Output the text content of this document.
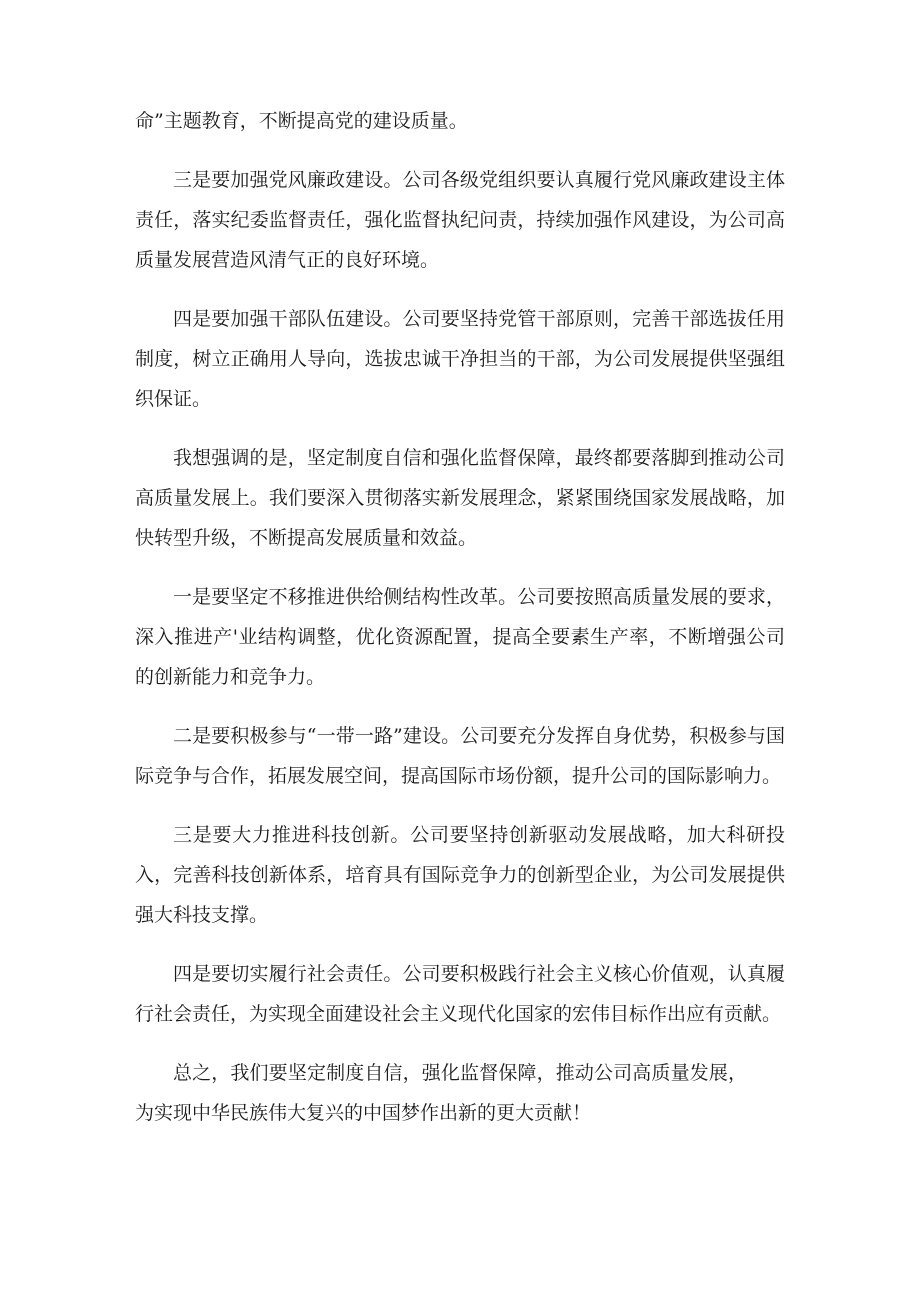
命”主题教育，不断提高党的建设质量。

三是要加强党风廉政建设。公司各级党组织要认真履行党风廉政建设主体责任，落实纪委监督责任，强化监督执纪问责，持续加强作风建设，为公司高质量发展营造风清气正的良好环境。

四是要加强干部队伍建设。公司要坚持党管干部原则，完善干部选拔任用制度，树立正确用人导向，选拔忠诚干净担当的干部，为公司发展提供坚强组织保证。

我想强调的是，坚定制度自信和强化监督保障，最终都要落脚到推动公司高质量发展上。我们要深入贯彻落实新发展理念，紧紧围绕国家发展战略，加快转型升级，不断提高发展质量和效益。

一是要坚定不移推进供给侧结构性改革。公司要按照高质量发展的要求，深入推进产'业结构调整，优化资源配置，提高全要素生产率，不断增强公司的创新能力和竞争力。

二是要积极参与“一带一路”建设。公司要充分发挥自身优势，积极参与国际竞争与合作，拓展发展空间，提高国际市场份额，提升公司的国际影响力。

三是要大力推进科技创新。公司要坚持创新驱动发展战略，加大科研投入，完善科技创新体系，培育具有国际竞争力的创新型企业，为公司发展提供强大科技支撑。

四是要切实履行社会责任。公司要积极践行社会主义核心价值观，认真履行社会责任，为实现全面建设社会主义现代化国家的宏伟目标作出应有贡献。

总之，我们要坚定制度自信，强化监督保障，推动公司高质量发展，为实现中华民族伟大复兴的中国梦作出新的更大贡献！
